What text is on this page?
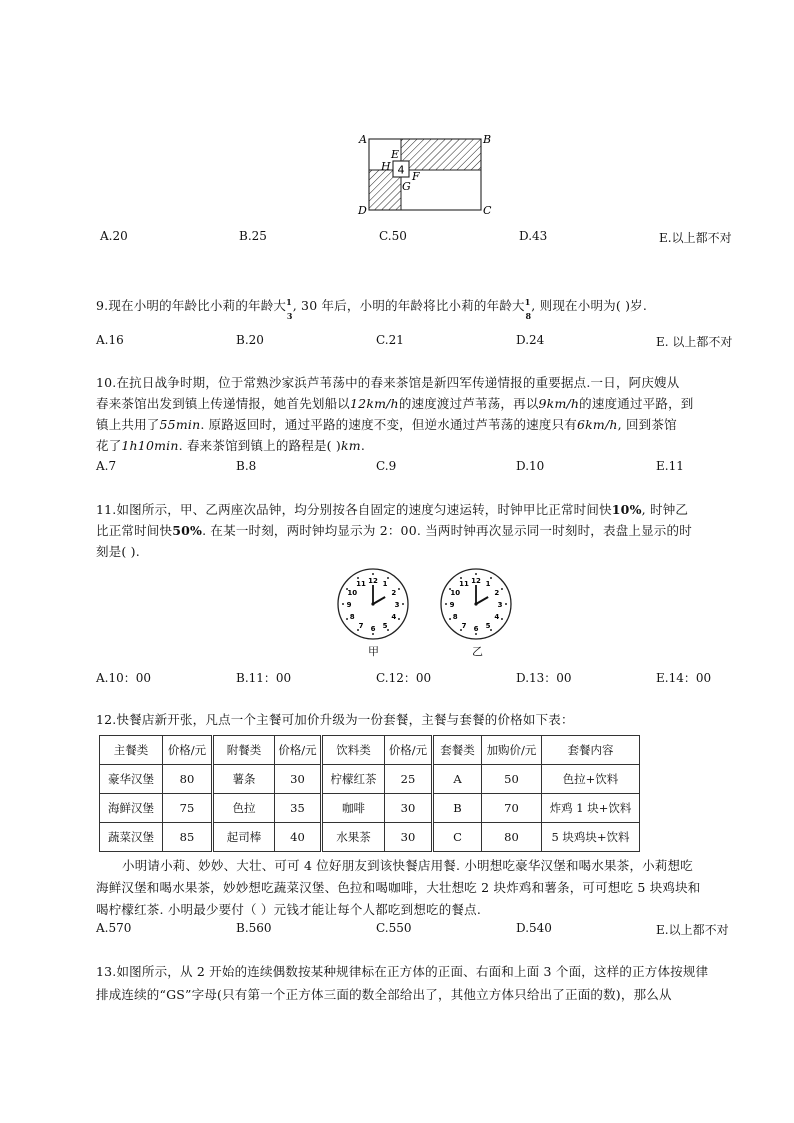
4
A	B
C
D
E
F
G
H
A.20	B.25	C.50	D.43	E.以上都不对
9.现在小明的年龄比小莉的年龄大$^1_3$, 30 年后，小明的年龄将比小莉的年龄大$^1_8$, 则现在小明为( )岁.
A.16	B.20	C.21	D.24	E. 以上都不对
10.在抗日战争时期，位于常熟沙家浜芦苇荡中的春来茶馆是新四军传递情报的重要据点.一日，阿庆嫂从
春来茶馆出发到镇上传递情报，她首先划船以12km/h的速度渡过芦苇荡，再以9km/h的速度通过平路，到
镇上共用了55min. 原路返回时，通过平路的速度不变，但逆水通过芦苇荡的速度只有6km/h, 回到茶馆
花了1h10min. 春来茶馆到镇上的路程是( )km.
A.7	B.8	C.9	D.10	E.11
11.如图所示，甲、乙两座次品钟，均分别按各自固定的速度匀速运转，时钟甲比正常时间快10%, 时钟乙
比正常时间快50%. 在某一时刻，两时钟均显示为 2：00. 当两时钟再次显示同一时刻时，表盘上显示的时
刻是( ).
12 1
2
3
4
5
6
7
8
9
10
11	12 1
2
3
4
5
6
7
8
9
10
11
甲	乙
A.10：00	B.11：00	C.12：00	D.13：00	E.14：00
12.快餐店新开张，凡点一个主餐可加价升级为一份套餐，主餐与套餐的价格如下表：
主餐类	价格/元	附餐类	价格/元	饮料类	价格/元	套餐类	加购价/元	套餐内容
豪华汉堡	80	薯条	30	柠檬红茶	25	A	50	色拉+饮料
海鲜汉堡	75	色拉	35	咖啡	30	B	70	炸鸡 1 块+饮料
蔬菜汉堡	85	起司棒	40	水果茶	30	C	80	5 块鸡块+饮料
小明请小莉、妙妙、大壮、可可 4 位好朋友到该快餐店用餐. 小明想吃豪华汉堡和喝水果茶，小莉想吃
海鲜汉堡和喝水果茶，妙妙想吃蔬菜汉堡、色拉和喝咖啡，大壮想吃 2 块炸鸡和薯条，可可想吃 5 块鸡块和
喝柠檬红茶. 小明最少要付（ ）元钱才能让每个人都吃到想吃的餐点.
A.570	B.560	C.550	D.540	E.以上都不对
13.如图所示，从 2 开始的连续偶数按某种规律标在正方体的正面、右面和上面 3 个面，这样的正方体按规律
排成连续的“GS”字母(只有第一个正方体三面的数全部给出了，其他立方体只给出了正面的数)，那么从
